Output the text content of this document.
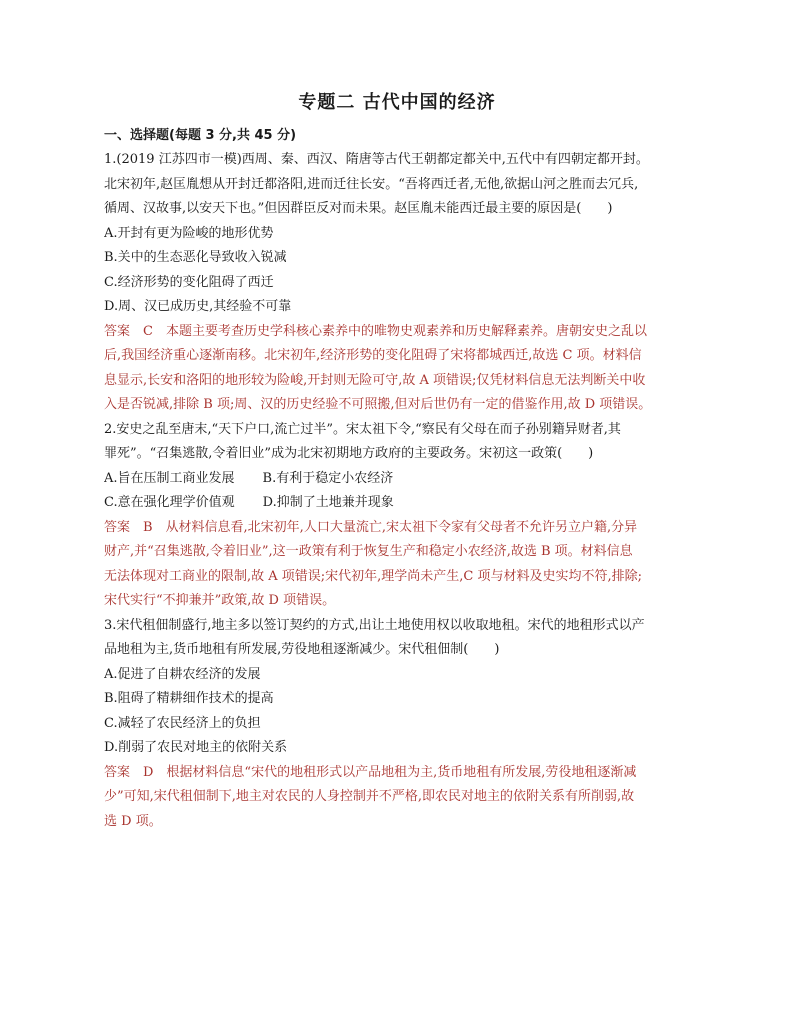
专题二 古代中国的经济
一、选择题(每题 3 分,共 45 分)
1.(2019 江苏四市一模)西周、秦、西汉、隋唐等古代王朝都定都关中,五代中有四朝定都开封。
北宋初年,赵匡胤想从开封迁都洛阳,进而迁往长安。“吾将西迁者,无他,欲据山河之胜而去冗兵,
循周、汉故事,以安天下也。”但因群臣反对而未果。赵匡胤未能西迁最主要的原因是(　　)
A.开封有更为险峻的地形优势
B.关中的生态恶化导致收入锐减
C.经济形势的变化阻碍了西迁
D.周、汉已成历史,其经验不可靠
答案　C　本题主要考查历史学科核心素养中的唯物史观素养和历史解释素养。唐朝安史之乱以
后,我国经济重心逐渐南移。北宋初年,经济形势的变化阻碍了宋将都城西迁,故选 C 项。材料信
息显示,长安和洛阳的地形较为险峻,开封则无险可守,故 A 项错误;仅凭材料信息无法判断关中收
入是否锐减,排除 B 项;周、汉的历史经验不可照搬,但对后世仍有一定的借鉴作用,故 D 项错误。
2.安史之乱至唐末,“天下户口,流亡过半”。宋太祖下令,“察民有父母在而子孙别籍异财者,其
罪死”。“召集逃散,令着旧业”成为北宋初期地方政府的主要政务。宋初这一政策(　　)
A.旨在压制工商业发展 B.有利于稳定小农经济
C.意在强化理学价值观 D.抑制了土地兼并现象
答案　B　从材料信息看,北宋初年,人口大量流亡,宋太祖下令家有父母者不允许另立户籍,分异
财产,并“召集逃散,令着旧业”,这一政策有利于恢复生产和稳定小农经济,故选 B 项。材料信息
无法体现对工商业的限制,故 A 项错误;宋代初年,理学尚未产生,C 项与材料及史实均不符,排除;
宋代实行“不抑兼并”政策,故 D 项错误。
3.宋代租佃制盛行,地主多以签订契约的方式,出让土地使用权以收取地租。宋代的地租形式以产
品地租为主,货币地租有所发展,劳役地租逐渐减少。宋代租佃制(　　)
A.促进了自耕农经济的发展
B.阻碍了精耕细作技术的提高
C.减轻了农民经济上的负担
D.削弱了农民对地主的依附关系
答案　D　根据材料信息“宋代的地租形式以产品地租为主,货币地租有所发展,劳役地租逐渐减
少”可知,宋代租佃制下,地主对农民的人身控制并不严格,即农民对地主的依附关系有所削弱,故
选 D 项。
